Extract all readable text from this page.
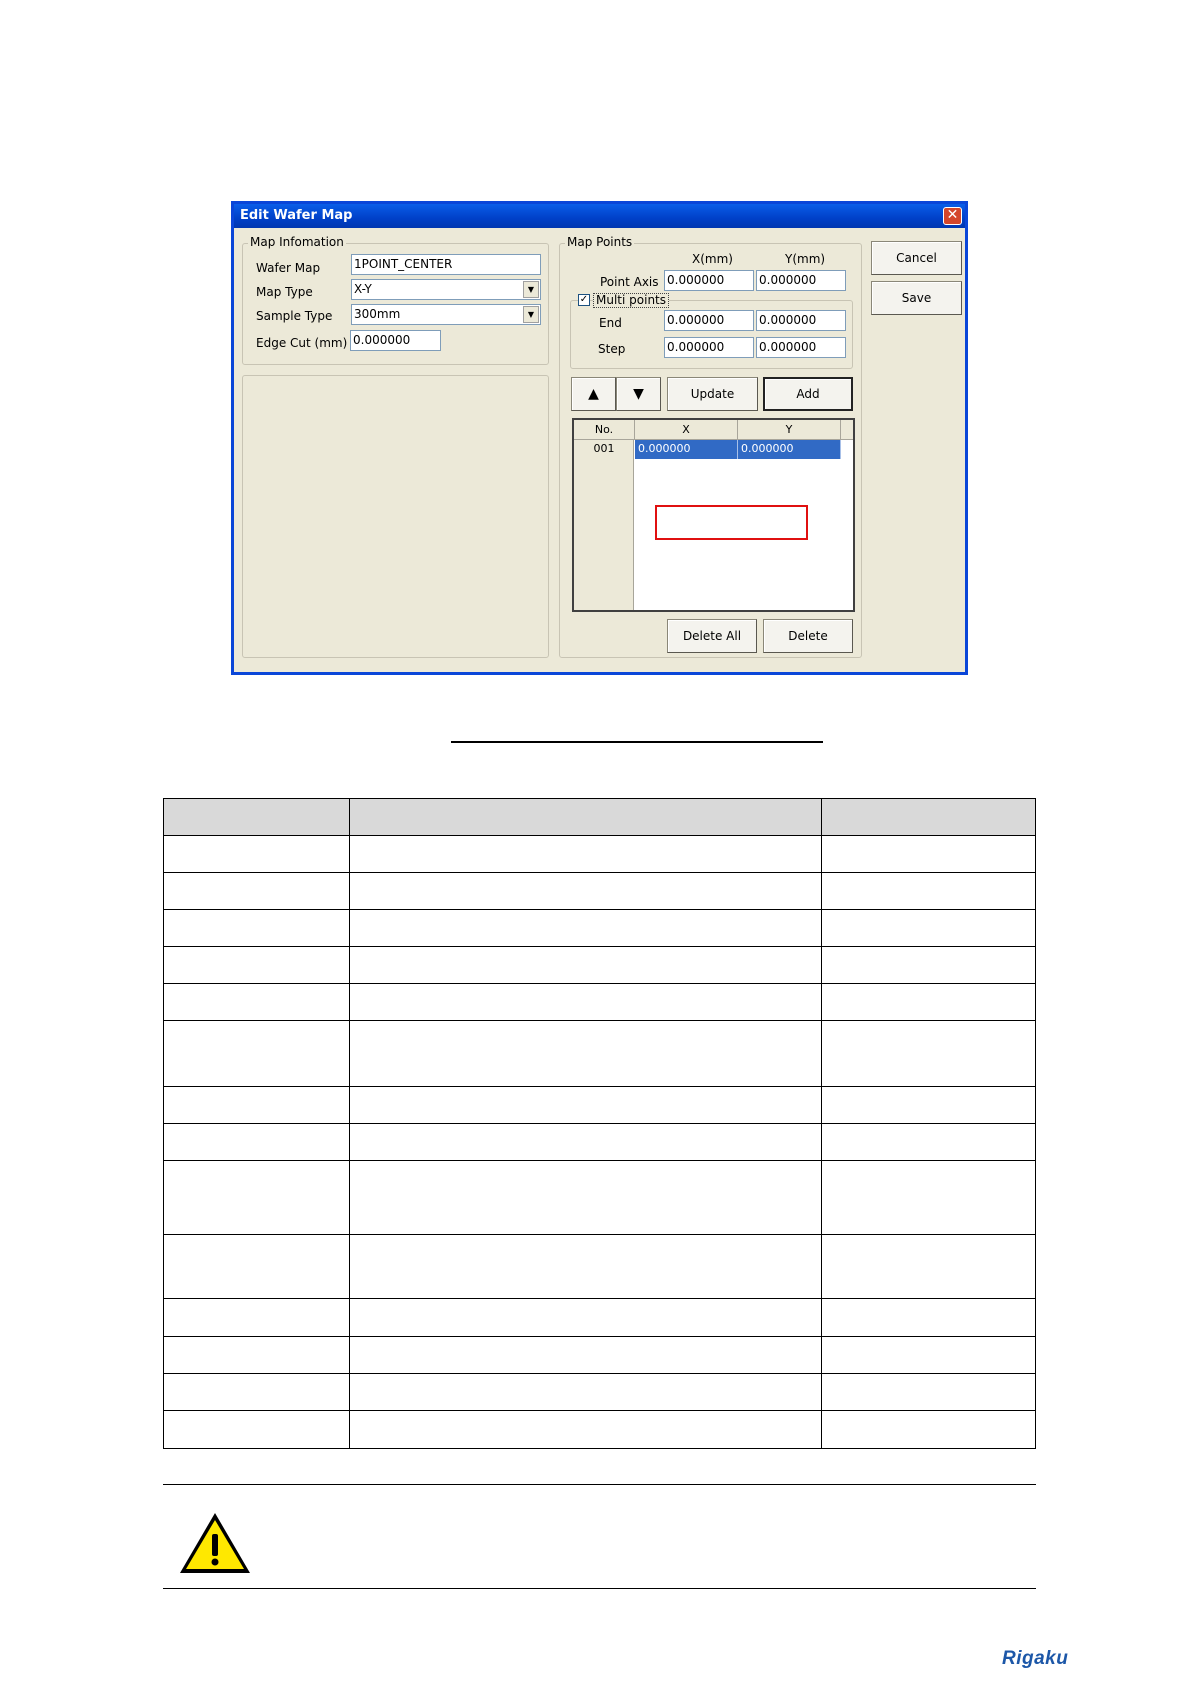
Edit Wafer Map	✕
Map Infomation
Wafer Map	1POINT_CENTER
Map Type	X-Y	▼
Sample Type 300mm	▼
Edge Cut (mm) 0.000000
Map Points
X(mm)	Y(mm)
Point Axis 0.000000	0.000000
✓ Multi points
End	0.000000	0.000000
Step	0.000000	0.000000
▲	▼	Update	Add
No.	X	Y
001	0.000000	0.000000
Delete All	Delete
Cancel
Save

Rigaku
